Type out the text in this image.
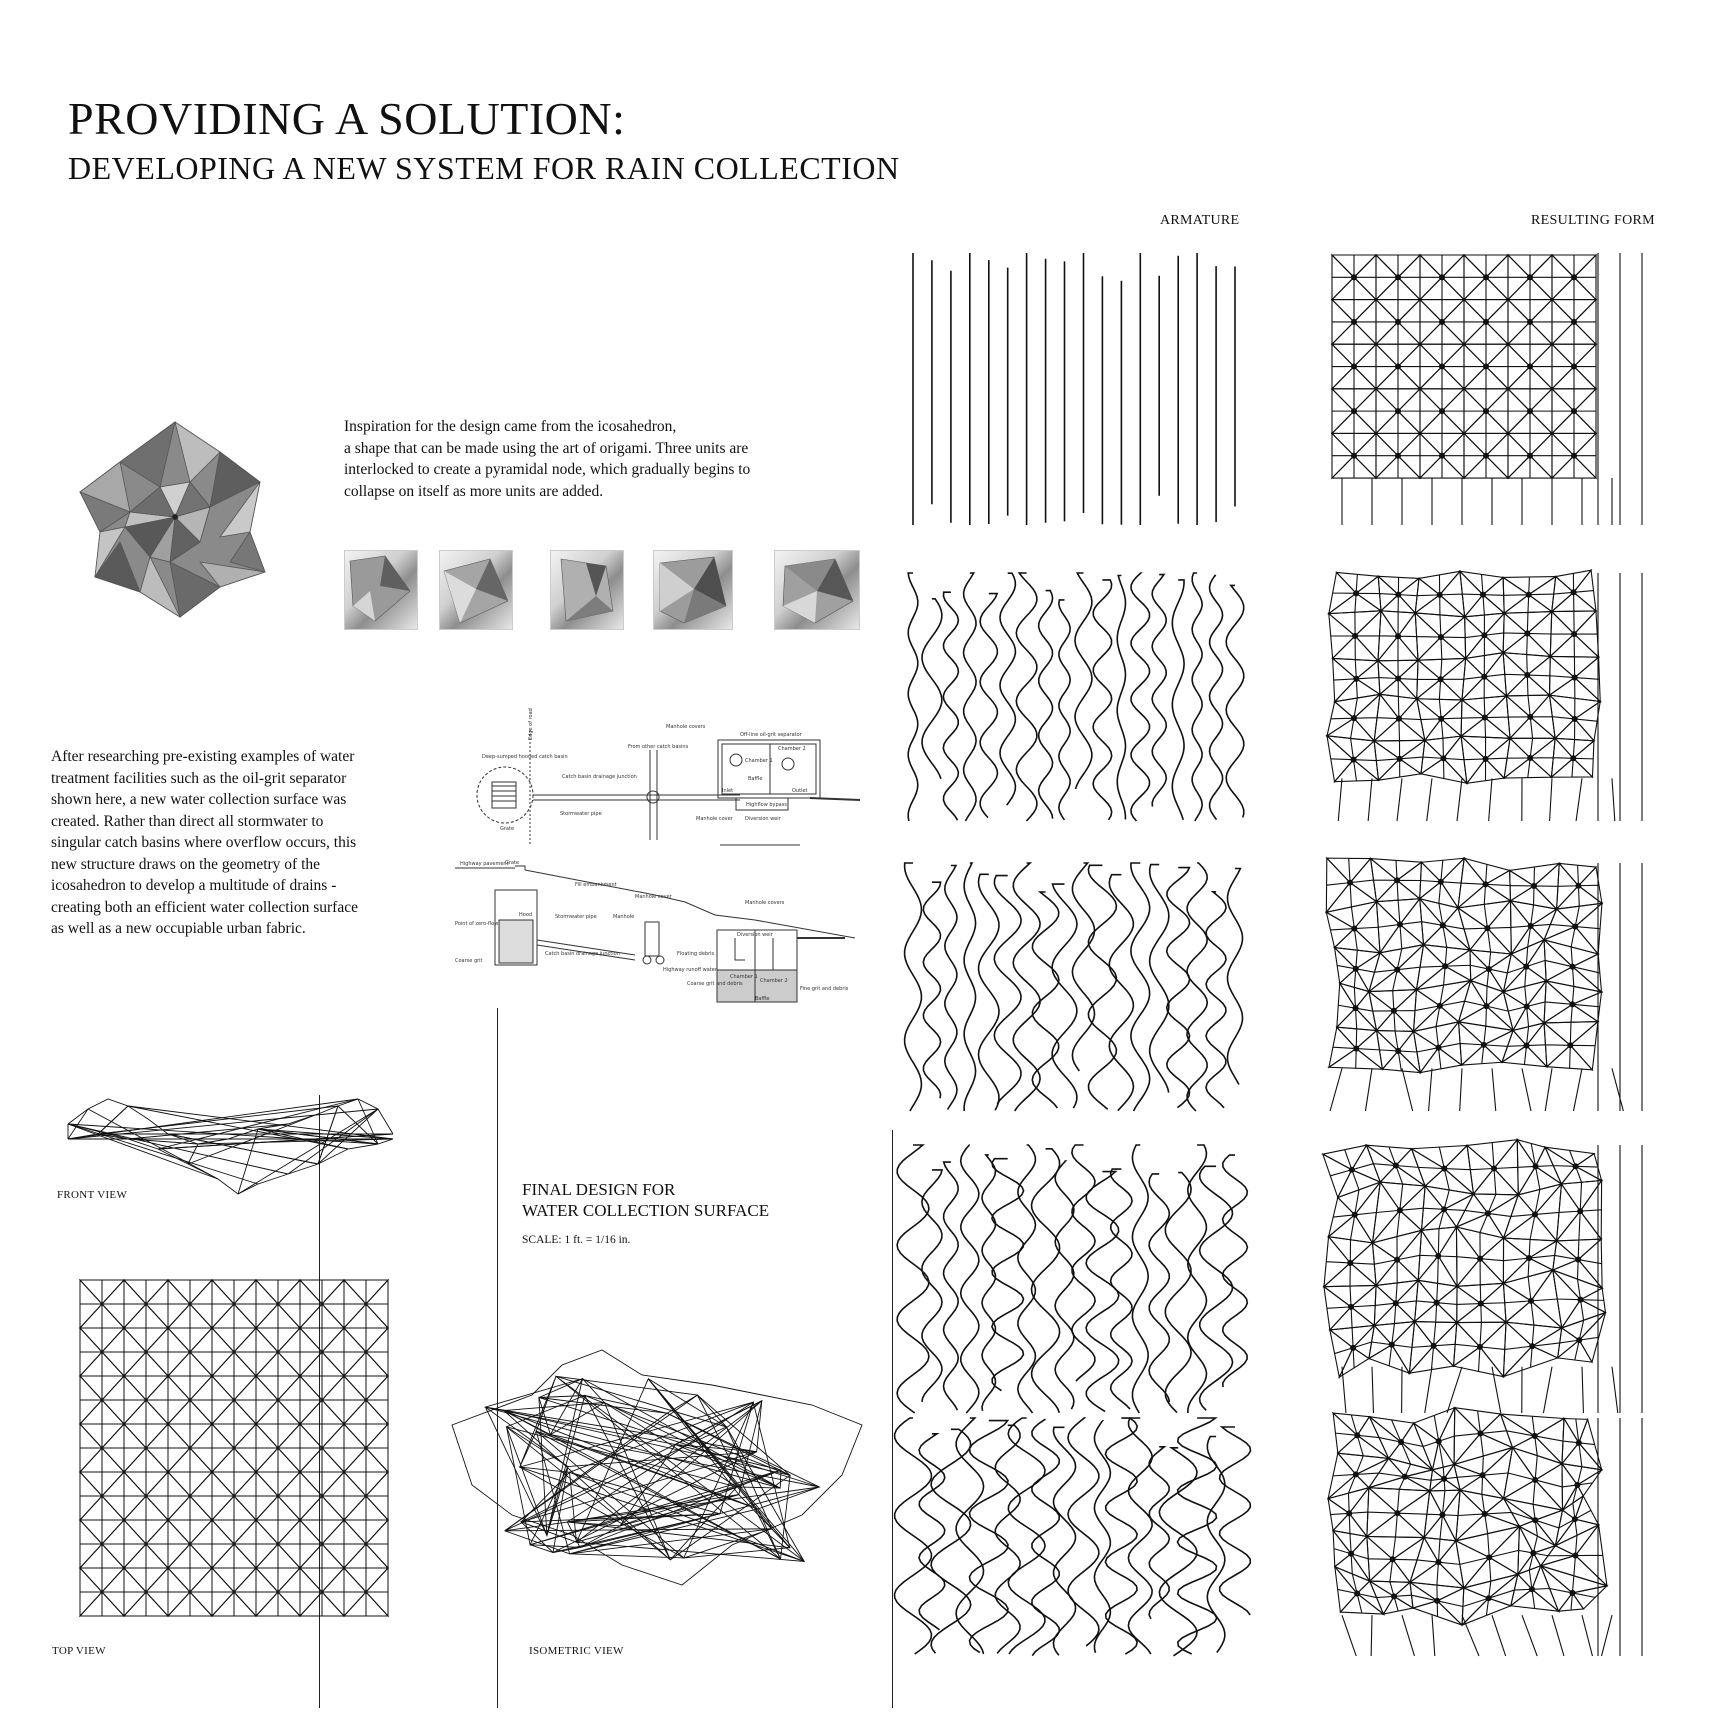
PROVIDING A SOLUTION:
DEVELOPING A NEW SYSTEM FOR RAIN COLLECTION
ARMATURE	RESULTING FORM

Inspiration for the design came from the icosahedron,

a shape that can be made using the art of origami. Three units are

interlocked to create a pyramidal node, which gradually begins to

collapse on itself as more units are added.

After researching pre-existing examples of water

treatment facilities such as the oil-grit separator

shown here, a new water collection surface was

created. Rather than direct all stormwater to

singular catch basins where overflow occurs, this

new structure draws on the geometry of the

icosahedron to develop a multitude of drains -

creating both an efficient water collection surface

as well as a new occupiable urban fabric.

Deep-sumped hooded catch basin
Edge of road
Grate
Stormwater pipe
Catch basin drainage junction
From other catch basins
Manhole covers
Off-line oil-grit separator
Chamber 1
Chamber 2
Baffle
Inlet	Outlet
Highflow bypass
Manhole cover Diversion weir
Highway pavement
Grate
Fill embankment
Hood	Stormwater pipe	Manhole
Manhole cover
Manhole covers
Point of zero-flow
Coarse grit
Catch basin drainage junction	Floating debris
Highway runoff water
Coarse grit and debris
Fine grit and debris
Chamber 1
Chamber 2
Baffle
Diversion weir
FRONT VIEW
TOP VIEW
FINAL DESIGN FOR
WATER COLLECTION SURFACE
SCALE: 1 ft. = 1/16 in.
ISOMETRIC VIEW
